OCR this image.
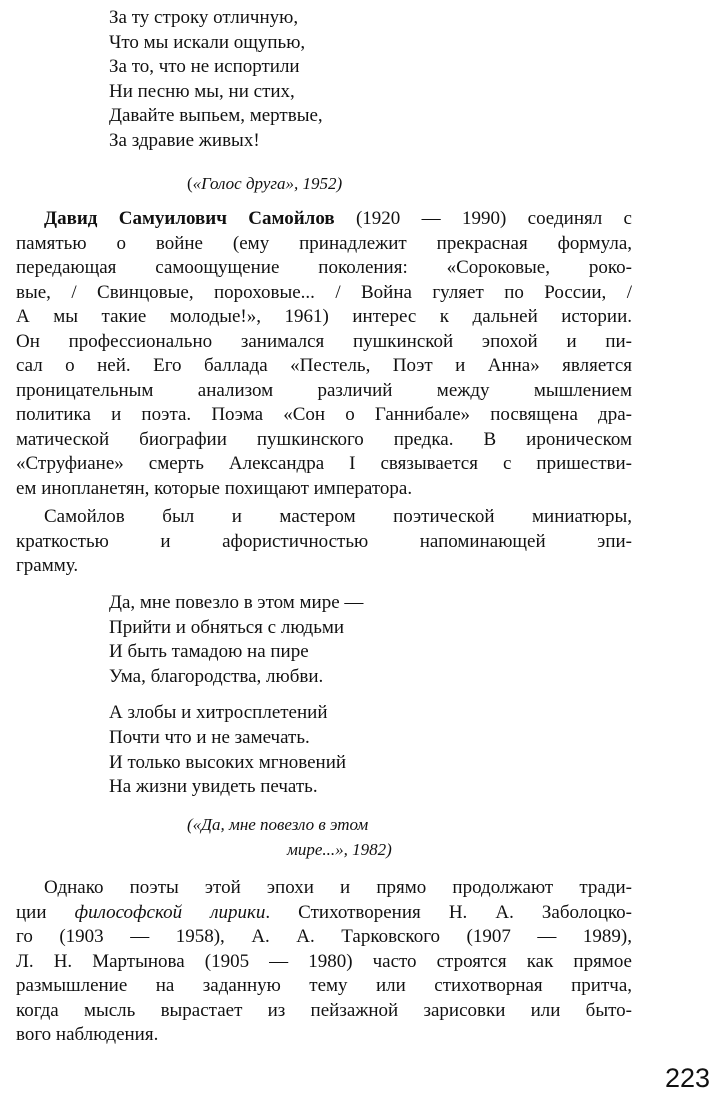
За ту строку отличную,
Что мы искали ощупью,
За то, что не испортили
Ни песню мы, ни стих,
Давайте выпьем, мертвые,
За здравие живых!
(«Голос друга», 1952)
Давид Самуилович Самойлов (1920 — 1990) соединял с
памятью о войне (ему принадлежит прекрасная формула,
передающая самоощущение поколения: «Сороковые, роко-
вые, / Свинцовые, пороховые... / Война гуляет по России, /
А мы такие молодые!», 1961) интерес к дальней истории.
Он профессионально занимался пушкинской эпохой и пи-
сал о ней. Его баллада «Пестель, Поэт и Анна» является
проницательным анализом различий между мышлением
политика и поэта. Поэма «Сон о Ганнибале» посвящена дра-
матической биографии пушкинского предка. В ироническом
«Струфиане» смерть Александра I связывается с пришестви-
ем инопланетян, которые похищают императора.
Самойлов был и мастером поэтической миниатюры,
краткостью и афористичностью напоминающей эпи-
грамму.
Да, мне повезло в этом мире —
Прийти и обняться с людьми
И быть тамадою на пире
Ума, благородства, любви.
А злобы и хитросплетений
Почти что и не замечать.
И только высоких мгновений
На жизни увидеть печать.
(«Да, мне повезло в этом
мире...», 1982)
Однако поэты этой эпохи и прямо продолжают тради-
ции философской лирики. Стихотворения Н. А. Заболоцко-
го (1903 — 1958), А. А. Тарковского (1907 — 1989),
Л. Н. Мартынова (1905 — 1980) часто строятся как прямое
размышление на заданную тему или стихотворная притча,
когда мысль вырастает из пейзажной зарисовки или быто-
вого наблюдения.
223
